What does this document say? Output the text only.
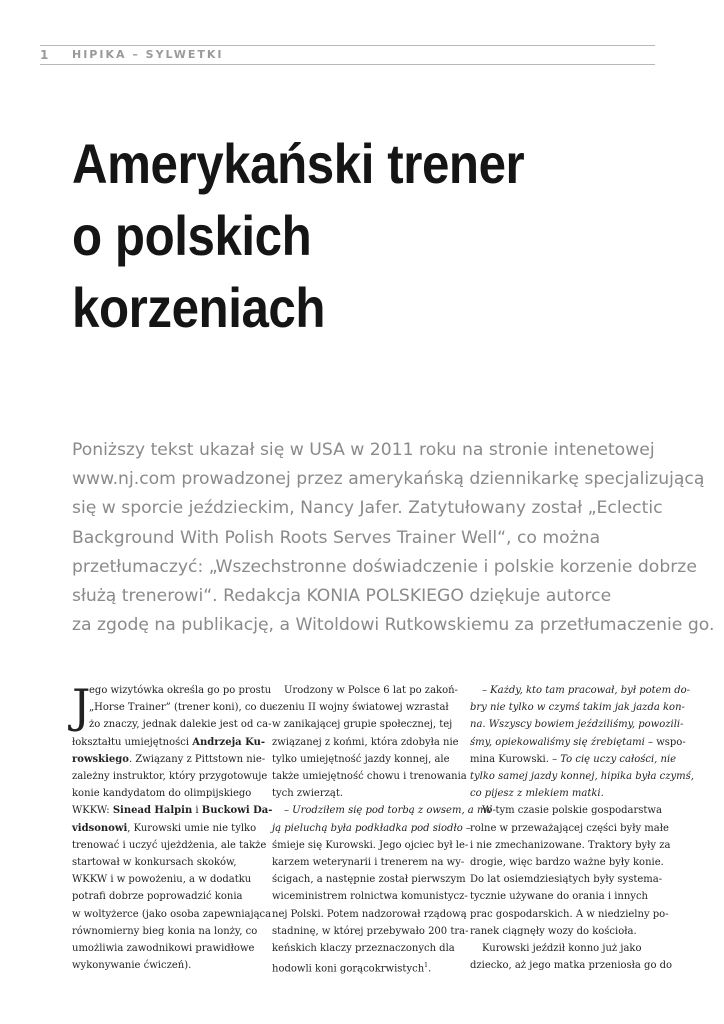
1 HIPIKA – SYLWETKI
Amerykański trener
o polskich
korzeniach

Poniższy tekst ukazał się w USA w 2011 roku na stronie intenetowej
www.nj.com prowadzonej przez amerykańską dziennikarkę specjalizującą
się w sporcie jeździeckim, Nancy Jafer. Zatytułowany został „Eclectic
Background With Polish Roots Serves Trainer Well“, co można
przetłumaczyć: „Wszechstronne doświadczenie i polskie korzenie dobrze
służą trenerowi“. Redakcja KONIA POLSKIEGO dziękuje autorce
za zgodę na publikację, a Witoldowi Rutkowskiemu za przetłumaczenie go.

J
ego wizytówka określa go po prostu
„Horse Trainer” (trener koni), co du-
żo znaczy, jednak dalekie jest od ca-
łokształtu umiejętności Andrzeja Ku-
rowskiego. Związany z Pittstown nie-
zależny instruktor, który przygotowuje
konie kandydatom do olimpijskiego
WKKW: Sinead Halpin i Buckowi Da-
vidsonowi, Kurowski umie nie tylko
trenować i uczyć ujeżdżenia, ale także
startował w konkursach skoków,
WKKW i w powożeniu, a w dodatku
potrafi dobrze poprowadzić konia
w woltyżerce (jako osoba zapewniająca
równomierny bieg konia na lonży, co
umożliwia zawodnikowi prawidłowe
wykonywanie ćwiczeń).
Urodzony w Polsce 6 lat po zakoń-
czeniu II wojny światowej wzrastał
w zanikającej grupie społecznej, tej
związanej z końmi, która zdobyła nie
tylko umiejętność jazdy konnej, ale
także umiejętność chowu i trenowania
tych zwierząt.
– Urodziłem się pod torbą z owsem, a mo-
ją pieluchą była podkładka pod siodło –
śmieje się Kurowski. Jego ojciec był le-
karzem weterynarii i trenerem na wy-
ścigach, a następnie został pierwszym
wiceministrem rolnictwa komunistycz-
nej Polski. Potem nadzorował rządową
stadninę, w której przebywało 200 tra-
keńskich klaczy przeznaczonych dla
hodowli koni gorącokrwistych$^1$.
– Każdy, kto tam pracował, był potem do-
bry nie tylko w czymś takim jak jazda kon-
na. Wszyscy bowiem jeździliśmy, powozili-
śmy, opiekowaliśmy się źrebiętami – wspo-
mina Kurowski. – To cię uczy całości, nie
tylko samej jazdy konnej, hipika była czymś,
co pijesz z mlekiem matki.
W tym czasie polskie gospodarstwa
rolne w przeważającej części były małe
i nie zmechanizowane. Traktory były za
drogie, więc bardzo ważne były konie.
Do lat osiemdziesiątych były systema-
tycznie używane do orania i innych
prac gospodarskich. A w niedzielny po-
ranek ciągnęły wozy do kościoła.
Kurowski jeździł konno już jako
dziecko, aż jego matka przeniosła go do
